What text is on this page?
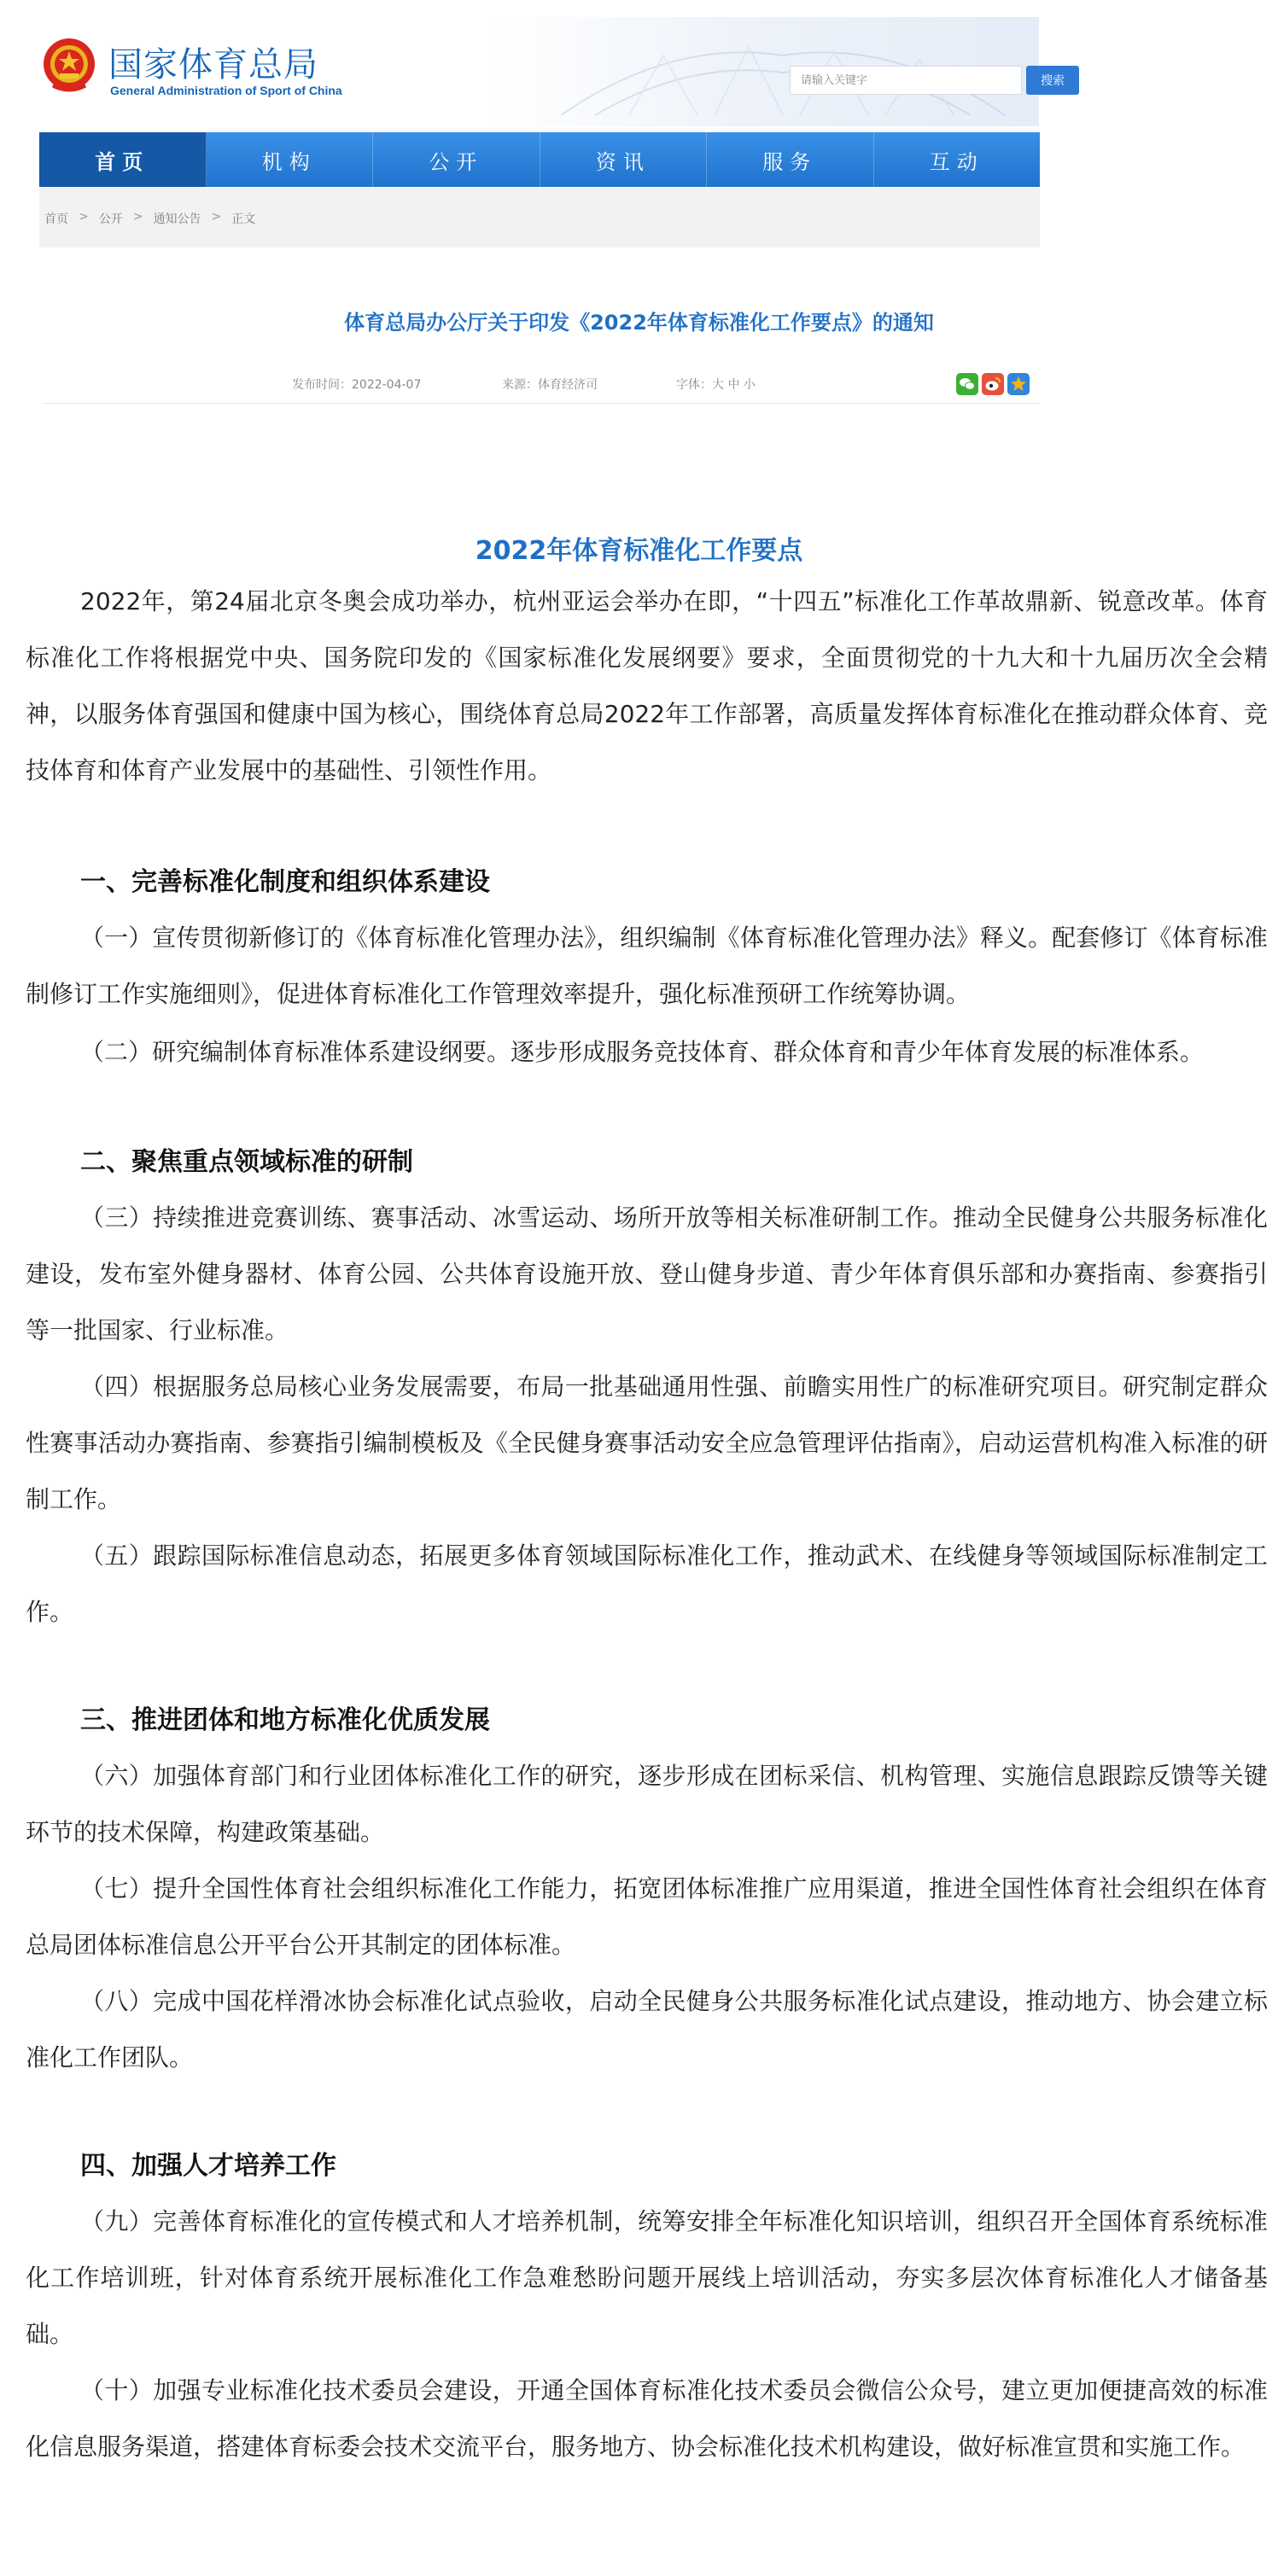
国家体育总局
General Administration of Sport of China
请输入关键字	搜索
首页	机构	公开	资讯	服务	互动
首页 > 公开 > 通知公告 > 正文
体育总局办公厅关于印发《2022年体育标准化工作要点》的通知
发布时间：2022-04-07	来源：体育经济司	字体：大 中 小
2022年体育标准化工作要点
2022年，第24届北京冬奥会成功举办，杭州亚运会举办在即，“十四五”标准化工作革故鼎新、锐意改革。体育标准化工作将根据党中央、国务院印发的《国家标准化发展纲要》要求，全面贯彻党的十九大和十九届历次全会精神，以服务体育强国和健康中国为核心，围绕体育总局2022年工作部署，高质量发挥体育标准化在推动群众体育、竞技体育和体育产业发展中的基础性、引领性作用。
一、完善标准化制度和组织体系建设
（一）宣传贯彻新修订的《体育标准化管理办法》，组织编制《体育标准化管理办法》释义。配套修订《体育标准制修订工作实施细则》，促进体育标准化工作管理效率提升，强化标准预研工作统筹协调。
（二）研究编制体育标准体系建设纲要。逐步形成服务竞技体育、群众体育和青少年体育发展的标准体系。
二、聚焦重点领域标准的研制
（三）持续推进竞赛训练、赛事活动、冰雪运动、场所开放等相关标准研制工作。推动全民健身公共服务标准化建设，发布室外健身器材、体育公园、公共体育设施开放、登山健身步道、青少年体育俱乐部和办赛指南、参赛指引等一批国家、行业标准。
（四）根据服务总局核心业务发展需要，布局一批基础通用性强、前瞻实用性广的标准研究项目。研究制定群众性赛事活动办赛指南、参赛指引编制模板及《全民健身赛事活动安全应急管理评估指南》，启动运营机构准入标准的研制工作。
（五）跟踪国际标准信息动态，拓展更多体育领域国际标准化工作，推动武术、在线健身等领域国际标准制定工作。
三、推进团体和地方标准化优质发展
（六）加强体育部门和行业团体标准化工作的研究，逐步形成在团标采信、机构管理、实施信息跟踪反馈等关键环节的技术保障，构建政策基础。
（七）提升全国性体育社会组织标准化工作能力，拓宽团体标准推广应用渠道，推进全国性体育社会组织在体育总局团体标准信息公开平台公开其制定的团体标准。
（八）完成中国花样滑冰协会标准化试点验收，启动全民健身公共服务标准化试点建设，推动地方、协会建立标准化工作团队。
四、加强人才培养工作
（九）完善体育标准化的宣传模式和人才培养机制，统筹安排全年标准化知识培训，组织召开全国体育系统标准化工作培训班，针对体育系统开展标准化工作急难愁盼问题开展线上培训活动，夯实多层次体育标准化人才储备基础。
（十）加强专业标准化技术委员会建设，开通全国体育标准化技术委员会微信公众号，建立更加便捷高效的标准化信息服务渠道，搭建体育标委会技术交流平台，服务地方、协会标准化技术机构建设，做好标准宣贯和实施工作。
